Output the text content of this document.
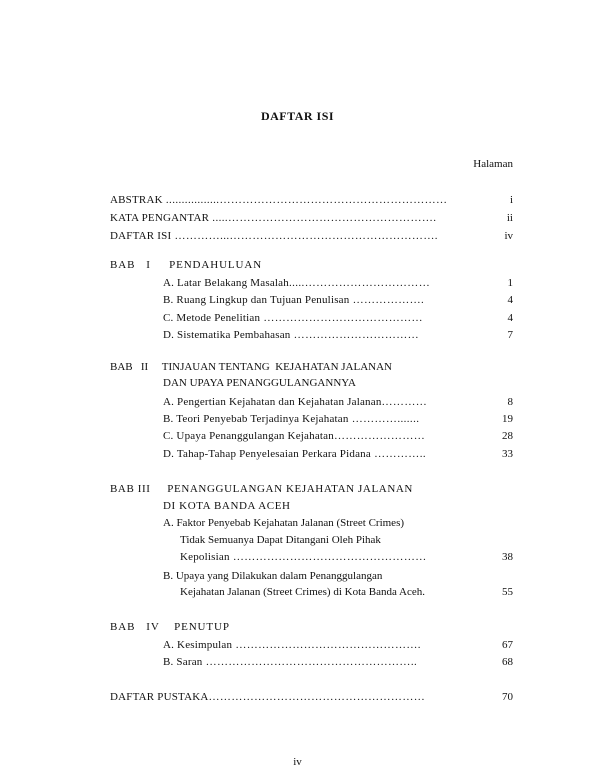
DAFTAR ISI
Halaman
ABSTRAK .................……………………………………………………	i
KATA PENGANTAR .....……………………………………………….	ii
DAFTAR ISI …………...……………………………………………….	iv
BAB   I     PENDAHULUAN
A. Latar Belakang Masalah.....……………………………	1
B. Ruang Lingkup dan Tujuan Penulisan ……………….	4
C. Metode Penelitian ……………………………………	4
D. Sistematika Pembahasan ……………………………	7
BAB   II     TINJAUAN TENTANG  KEJAHATAN JALANAN
DAN UPAYA PENANGGULANGANNYA
A. Pengertian Kejahatan dan Kejahatan Jalanan…………	8
B. Teori Penyebab Terjadinya Kejahatan ………….......	19
C. Upaya Penanggulangan Kejahatan……………………	28
D. Tahap-Tahap Penyelesaian Perkara Pidana …………..	33
BAB III     PENANGGULANGAN KEJAHATAN JALANAN
DI KOTA BANDA ACEH
A. Faktor Penyebab Kejahatan Jalanan (Street Crimes)
Tidak Semuanya Dapat Ditangani Oleh Pihak
Kepolisian ……………………………………………	38
B. Upaya yang Dilakukan dalam Penanggulangan
Kejahatan Jalanan (Street Crimes) di Kota Banda Aceh.	55
BAB   IV    PENUTUP
A. Kesimpulan ………………………………………….	67
B. Saran ………………………………………………..	68
DAFTAR PUSTAKA…………………………………………………	70
iv
